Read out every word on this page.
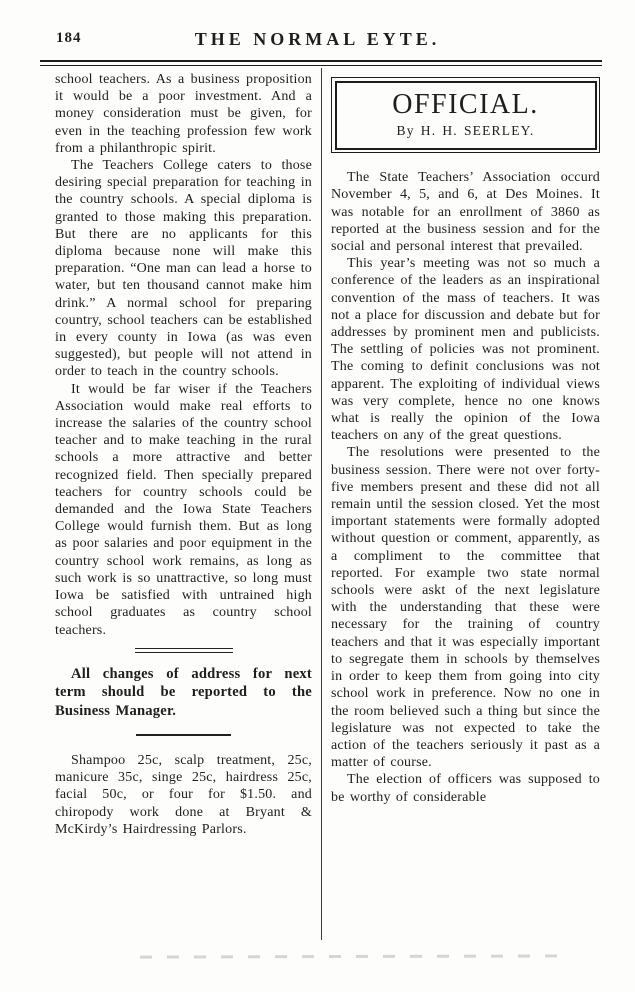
184	THE NORMAL EYTE.

school teachers. As a business proposition it would be a poor investment. And a money consideration must be given, for even in the teaching profession few work from a philanthropic spirit.

The Teachers College caters to those desiring special preparation for teaching in the country schools. A special diploma is granted to those making this preparation. But there are no applicants for this diploma because none will make this preparation. “One man can lead a horse to water, but ten thousand cannot make him drink.” A normal school for preparing country, school teachers can be established in every county in Iowa (as was even suggested), but people will not attend in order to teach in the country schools.

It would be far wiser if the Teachers Association would make real efforts to increase the salaries of the country school teacher and to make teaching in the rural schools a more attractive and better recognized field. Then specially prepared teachers for country schools could be demanded and the Iowa State Teachers College would furnish them. But as long as poor salaries and poor equipment in the country school work remains, as long as such work is so unattractive, so long must Iowa be satisfied with untrained high school graduates as country school teachers.

All changes of address for next term should be reported to the Business Manager.

Shampoo 25c, scalp treatment, 25c, manicure 35c, singe 25c, hairdress 25c, facial 50c, or four for $1.50. and chiropody work done at Bryant & McKirdy’s Hairdressing Parlors.

OFFICIAL.
By H. H. SEERLEY.

The State Teachers’ Association occurd November 4, 5, and 6, at Des Moines. It was notable for an enrollment of 3860 as reported at the business session and for the social and personal interest that prevailed.

This year’s meeting was not so much a conference of the leaders as an inspirational convention of the mass of teachers. It was not a place for discussion and debate but for addresses by prominent men and publicists. The settling of policies was not prominent. The coming to definit conclusions was not apparent. The exploiting of individual views was very complete, hence no one knows what is really the opinion of the Iowa teachers on any of the great questions.

The resolutions were presented to the business session. There were not over forty-five members present and these did not all remain until the session closed. Yet the most important statements were formally adopted without question or comment, apparently, as a compliment to the committee that reported. For example two state normal schools were askt of the next legislature with the understanding that these were necessary for the training of country teachers and that it was especially important to segregate them in schools by themselves in order to keep them from going into city school work in preference. Now no one in the room believed such a thing but since the legislature was not expected to take the action of the teachers seriously it past as a matter of course.

The election of officers was supposed to be worthy of considerable
